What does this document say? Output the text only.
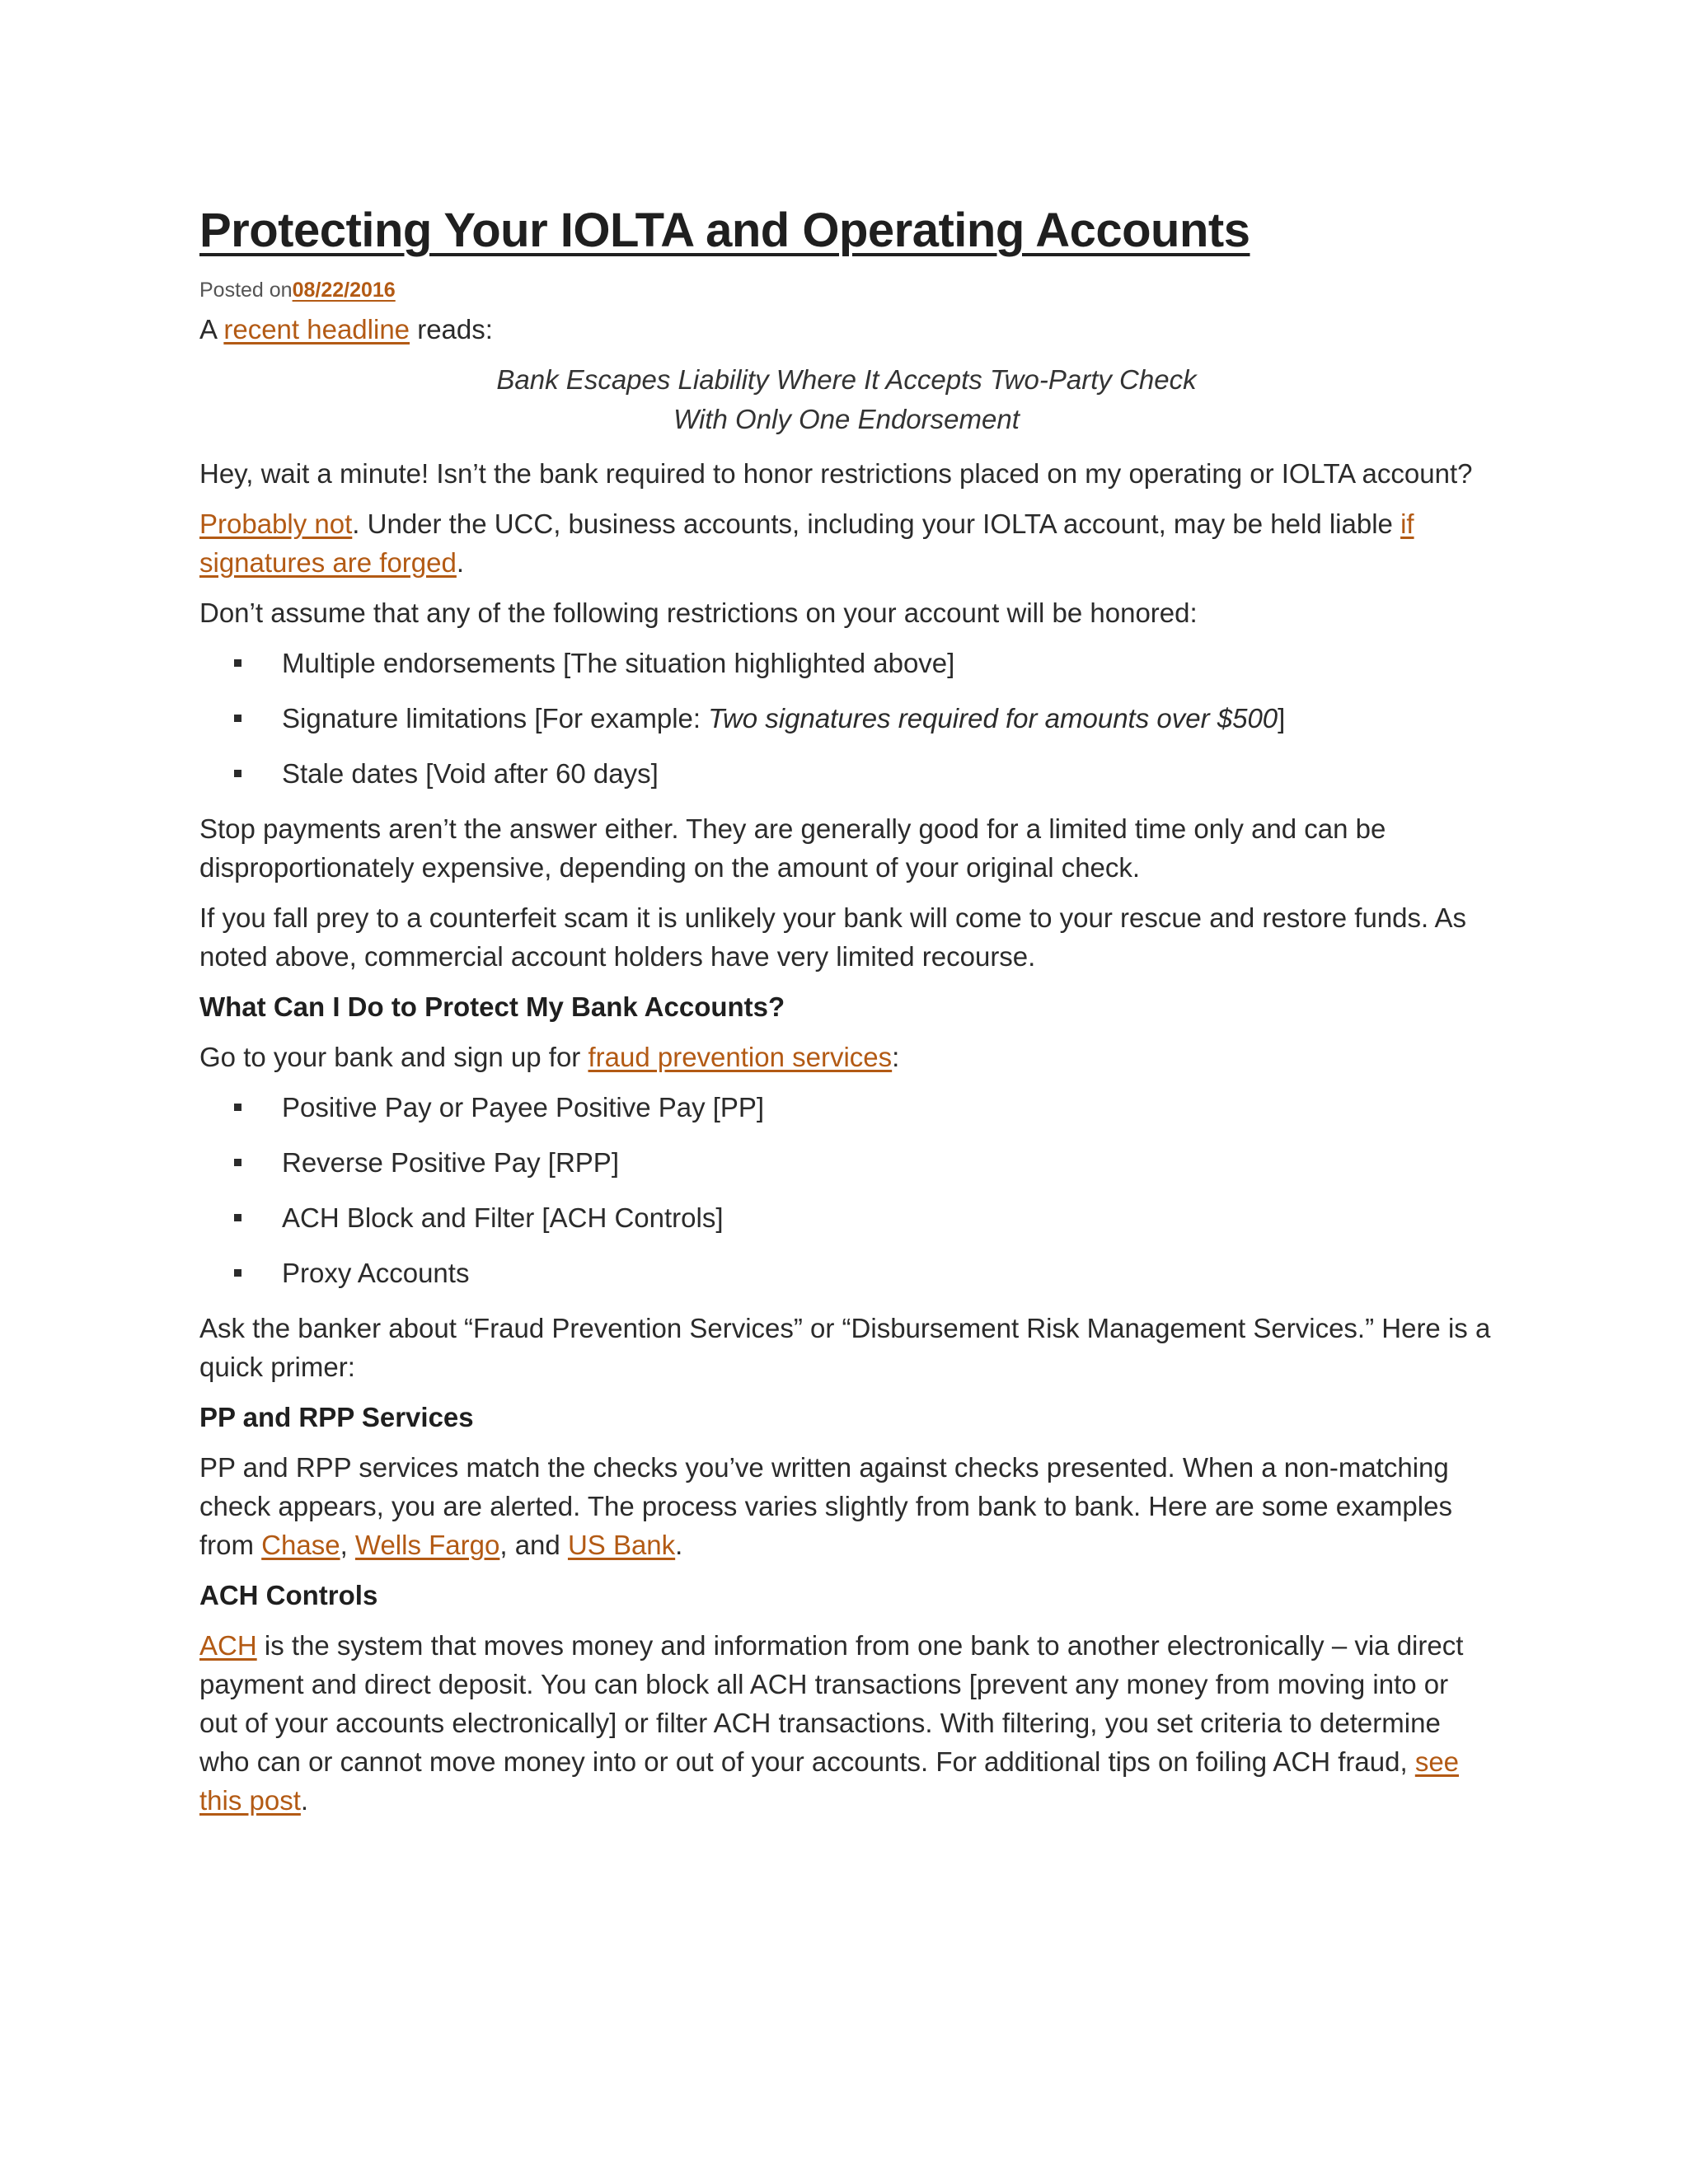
Protecting Your IOLTA and Operating Accounts
Posted on08/22/2016

A recent headline reads:

Bank Escapes Liability Where It Accepts Two-Party Check
With Only One Endorsement

Hey, wait a minute! Isn’t the bank required to honor restrictions placed on my operating or IOLTA account?

Probably not. Under the UCC, business accounts, including your IOLTA account, may be held liable if signatures are forged.

Don’t assume that any of the following restrictions on your account will be honored:

Multiple endorsements [The situation highlighted above]
Signature limitations [For example: Two signatures required for amounts over $500]
Stale dates [Void after 60 days]

Stop payments aren’t the answer either. They are generally good for a limited time only and can be disproportionately expensive, depending on the amount of your original check.

If you fall prey to a counterfeit scam it is unlikely your bank will come to your rescue and restore funds. As noted above, commercial account holders have very limited recourse.

What Can I Do to Protect My Bank Accounts?

Go to your bank and sign up for fraud prevention services:

Positive Pay or Payee Positive Pay [PP]
Reverse Positive Pay [RPP]
ACH Block and Filter [ACH Controls]
Proxy Accounts

Ask the banker about “Fraud Prevention Services” or “Disbursement Risk Management Services.” Here is a quick primer:

PP and RPP Services

PP and RPP services match the checks you’ve written against checks presented. When a non-matching check appears, you are alerted. The process varies slightly from bank to bank. Here are some examples from Chase, Wells Fargo, and US Bank.

ACH Controls

ACH is the system that moves money and information from one bank to another electronically – via direct payment and direct deposit. You can block all ACH transactions [prevent any money from moving into or out of your accounts electronically] or filter ACH transactions. With filtering, you set criteria to determine who can or cannot move money into or out of your accounts. For additional tips on foiling ACH fraud, see this post.
